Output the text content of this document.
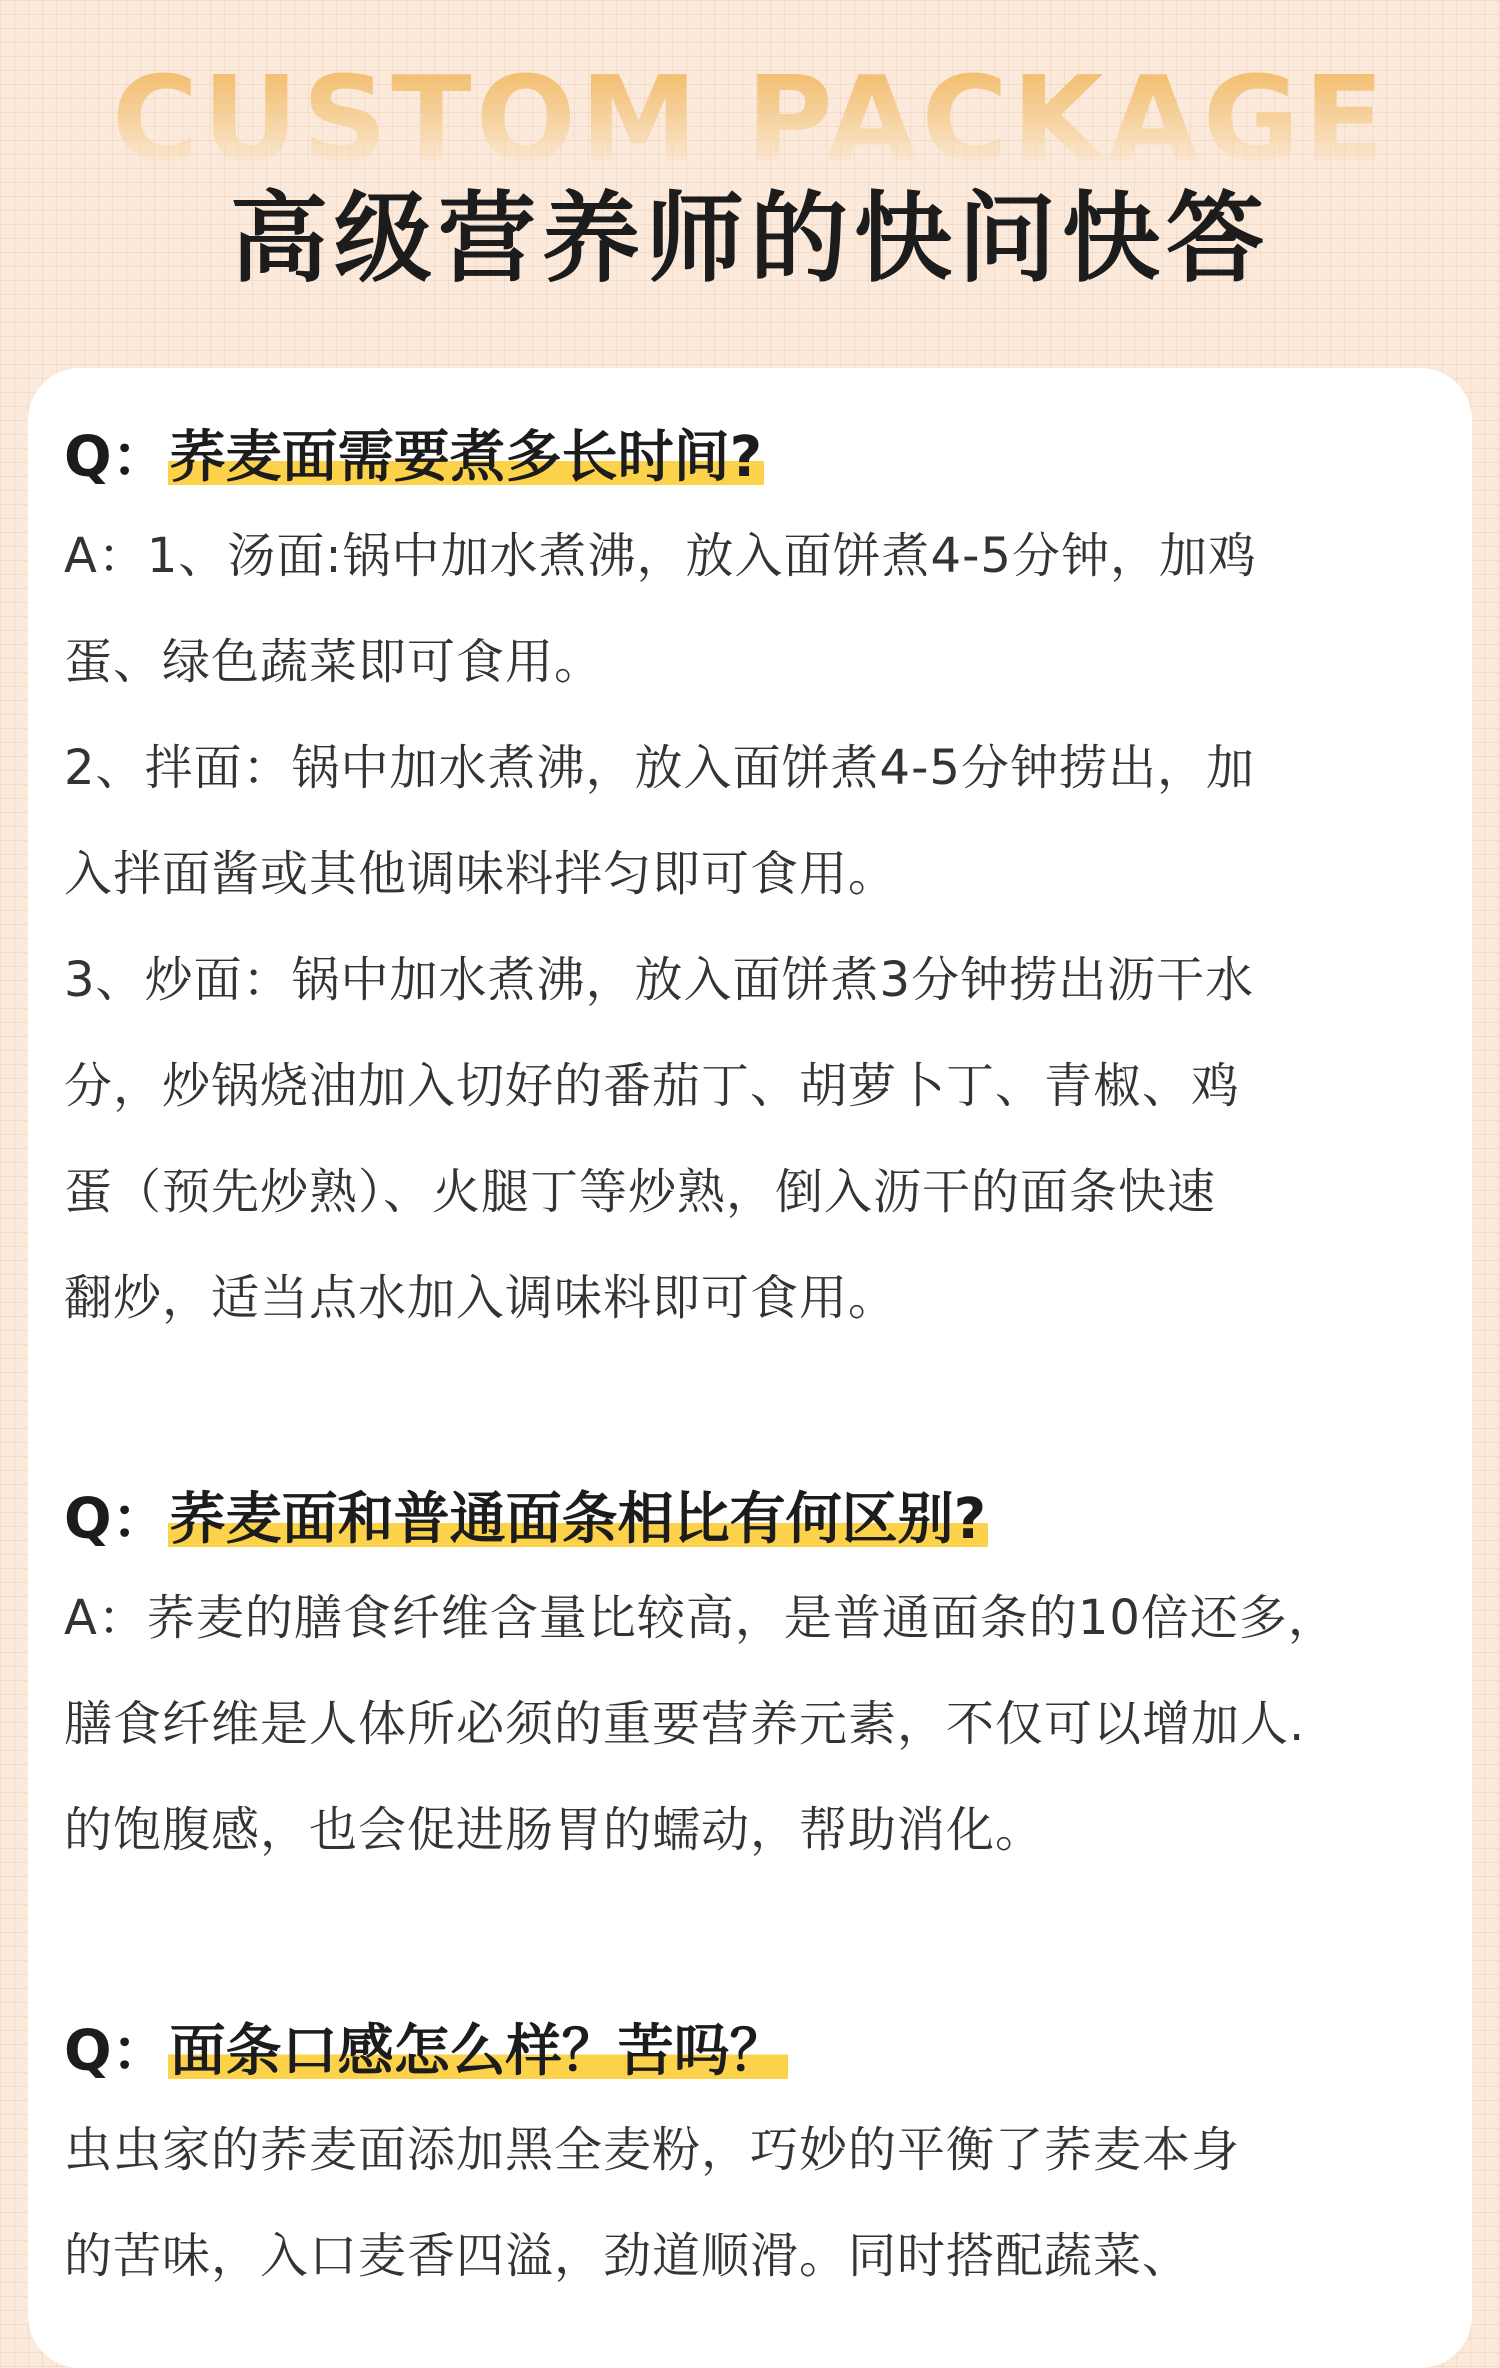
CUSTOM PACKAGE
高级营养师的快问快答
Q：荞麦面需要煮多长时间?

A：1、汤面:锅中加水煮沸，放入面饼煮4-5分钟，加鸡

蛋、绿色蔬菜即可食用。

2、拌面：锅中加水煮沸，放入面饼煮4-5分钟捞出，加

入拌面酱或其他调味料拌匀即可食用。

3、炒面：锅中加水煮沸，放入面饼煮3分钟捞出沥干水

分，炒锅烧油加入切好的番茄丁、胡萝卜丁、青椒、鸡

蛋（预先炒熟）、火腿丁等炒熟，倒入沥干的面条快速

翻炒，适当点水加入调味料即可食用。

Q：荞麦面和普通面条相比有何区别?

A：荞麦的膳食纤维含量比较高，是普通面条的10倍还多，

膳食纤维是人体所必须的重要营养元素，不仅可以增加人.

的饱腹感，也会促进肠胃的蠕动，帮助消化。

Q：面条口感怎么样？苦吗？

虫虫家的荞麦面添加黑全麦粉，巧妙的平衡了荞麦本身

的苦味，入口麦香四溢，劲道顺滑。同时搭配蔬菜、
